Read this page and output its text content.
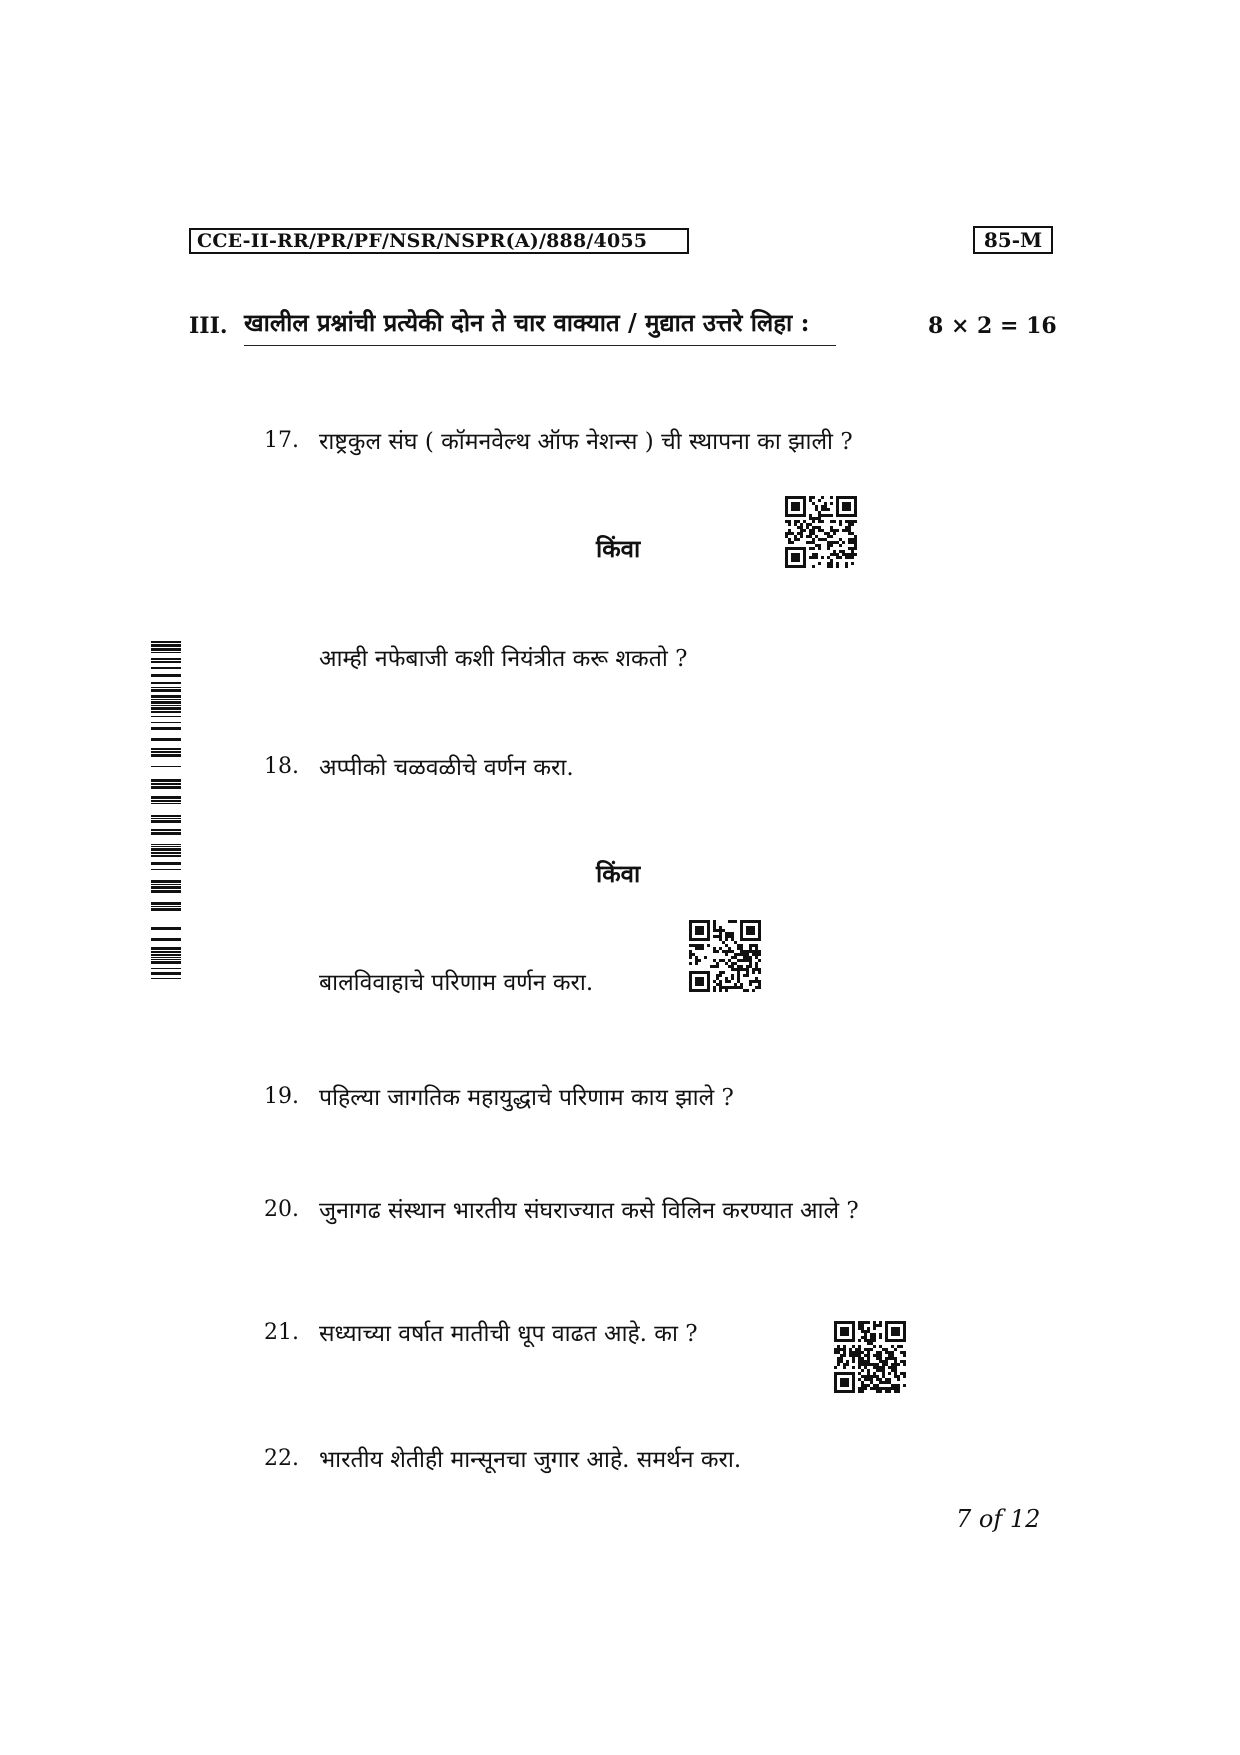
CCE-II-RR/PR/PF/NSR/NSPR(A)/888/4055	85-M
III. खालील प्रश्नांची प्रत्येकी दोन ते चार वाक्यात / मुद्यात उत्तरे लिहा :	8 × 2 = 16
17. राष्ट्रकुल संघ ( कॉमनवेल्थ ऑफ नेशन्स ) ची स्थापना का झाली ?
किंवा
आम्ही नफेबाजी कशी नियंत्रीत करू शकतो ?
18. अप्पीको चळवळीचे वर्णन करा.
किंवा
बालविवाहाचे परिणाम वर्णन करा.
19. पहिल्या जागतिक महायुद्धाचे परिणाम काय झाले ?
20. जुनागढ संस्थान भारतीय संघराज्यात कसे विलिन करण्यात आले ?
21. सध्याच्या वर्षात मातीची धूप वाढत आहे. का ?
22. भारतीय शेतीही मान्सूनचा जुगार आहे. समर्थन करा.
7 of 12
